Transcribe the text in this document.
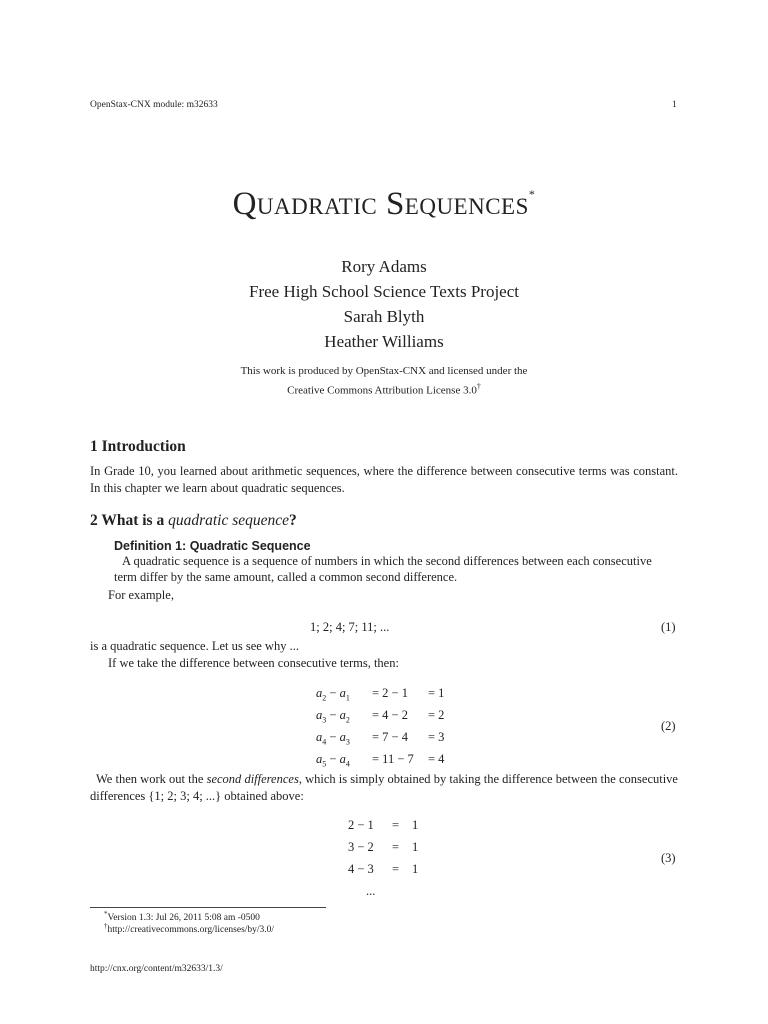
OpenStax-CNX module: m32633	1
Quadratic Sequences*
Rory Adams
Free High School Science Texts Project
Sarah Blyth
Heather Williams
This work is produced by OpenStax-CNX and licensed under the
Creative Commons Attribution License 3.0†
1 Introduction
In Grade 10, you learned about arithmetic sequences, where the difference between consecutive terms was constant. In this chapter we learn about quadratic sequences.
2 What is a quadratic sequence?
Definition 1: Quadratic Sequence
A quadratic sequence is a sequence of numbers in which the second differences between each consecutive term differ by the same amount, called a common second difference.
For example,
1; 2; 4; 7; 11; ...	(1)
is a quadratic sequence. Let us see why ...
If we take the difference between consecutive terms, then:
$a_2 - a_1 = 2 - 1 = 1$
$a_3 - a_2 = 4 - 2 = 2$
$a_4 - a_3 = 7 - 4 = 3$
$a_5 - a_4 = 11 - 7 = 4$
(2)
We then work out the second differences, which is simply obtained by taking the difference between the consecutive differences {1; 2; 3; 4; ...} obtained above:
2 − 1 = 1
3 − 2 = 1
4 − 3 = 1
...
(3)
*Version 1.3: Jul 26, 2011 5:08 am -0500
†http://creativecommons.org/licenses/by/3.0/
http://cnx.org/content/m32633/1.3/
